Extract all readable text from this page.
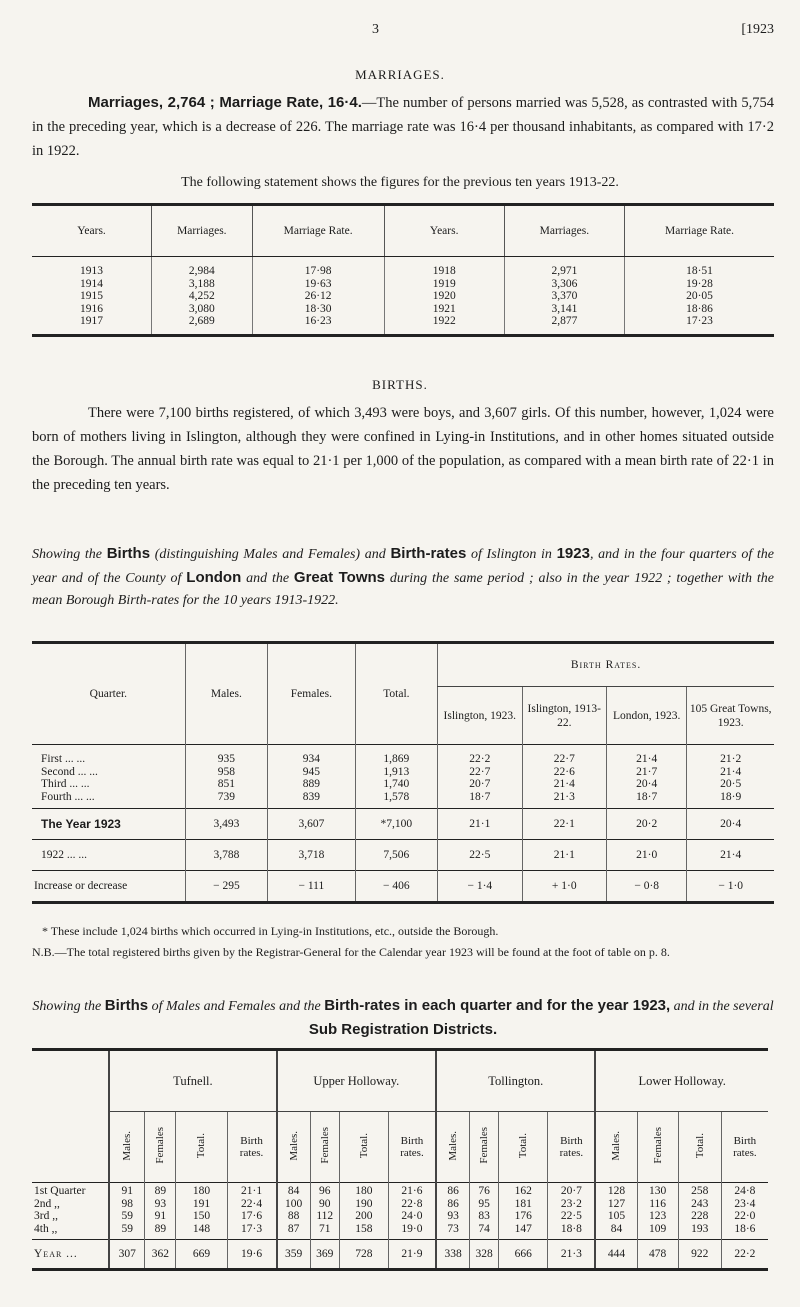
3	[1923
MARRIAGES.
Marriages, 2,764 ; Marriage Rate, 16·4.—The number of persons married was 5,528, as contrasted with 5,754 in the preceding year, which is a decrease of 226. The marriage rate was 16·4 per thousand inhabitants, as compared with 17·2 in 1922.
The following statement shows the figures for the previous ten years 1913-22.
Years.	Marriages.	Marriage Rate.	Years.	Marriages.	Marriage Rate.
1913	2,984	17·98	1918	2,971	18·51
1914	3,188	19·63	1919	3,306	19·28
1915	4,252	26·12	1920	3,370	20·05
1916	3,080	18·30	1921	3,141	18·86
1917	2,689	16·23	1922	2,877	17·23
BIRTHS.
There were 7,100 births registered, of which 3,493 were boys, and 3,607 girls. Of this number, however, 1,024 were born of mothers living in Islington, although they were confined in Lying-in Institutions, and in other homes situated outside the Borough. The annual birth rate was equal to 21·1 per 1,000 of the population, as compared with a mean birth rate of 22·1 in the preceding ten years.
Showing the Births (distinguishing Males and Females) and Birth-rates of Islington in 1923, and in the four quarters of the year and of the County of London and the Great Towns during the same period ; also in the year 1922 ; together with the mean Borough Birth-rates for the 10 years 1913-1922.
Quarter.	Males.	Females.	Total.	Birth Rates.			
				Islington, 1923.	Islington, 1913-22.	London, 1923.	105 Great Towns, 1923.
First ... ...	935	934	1,869	22·2	22·7	21·4	21·2
Second ... ...	958	945	1,913	22·7	22·6	21·7	21·4
Third ... ...	851	889	1,740	20·7	21·4	20·4	20·5
Fourth ... ...	739	839	1,578	18·7	21·3	18·7	18·9
The Year 1923	3,493	3,607	*7,100	21·1	22·1	20·2	20·4
1922 ... ...	3,788	3,718	7,506	22·5	21·1	21·0	21·4
Increase or decrease	− 295	− 111	− 406	− 1·4	+ 1·0	− 0·8	− 1·0
* These include 1,024 births which occurred in Lying-in Institutions, etc., outside the Borough.
N.B.—The total registered births given by the Registrar-General for the Calendar year 1923 will be found at the foot of table on p. 8.
Showing the Births of Males and Females and the Birth-rates in each quarter and for the year 1923, and in the several Sub Registration Districts.
	Tufnell.				Upper Holloway.				Tollington.				Lower Holloway.			
	Males.	Females	Total.	Birth rates.	Males.	Females	Total.	Birth rates.	Males.	Females	Total.	Birth rates.	Males.	Females	Total.	Birth rates.
1st Quarter	91	89	180	21·1	84	96	180	21·6	86	76	162	20·7	128	130	258	24·8
2nd ,,	98	93	191	22·4	100	90	190	22·8	86	95	181	23·2	127	116	243	23·4
3rd ,,	59	91	150	17·6	88	112	200	24·0	93	83	176	22·5	105	123	228	22·0
4th ,,	59	89	148	17·3	87	71	158	19·0	73	74	147	18·8	84	109	193	18·6
Year ...	307	362	669	19·6	359	369	728	21·9	338	328	666	21·3	444	478	922	22·2
